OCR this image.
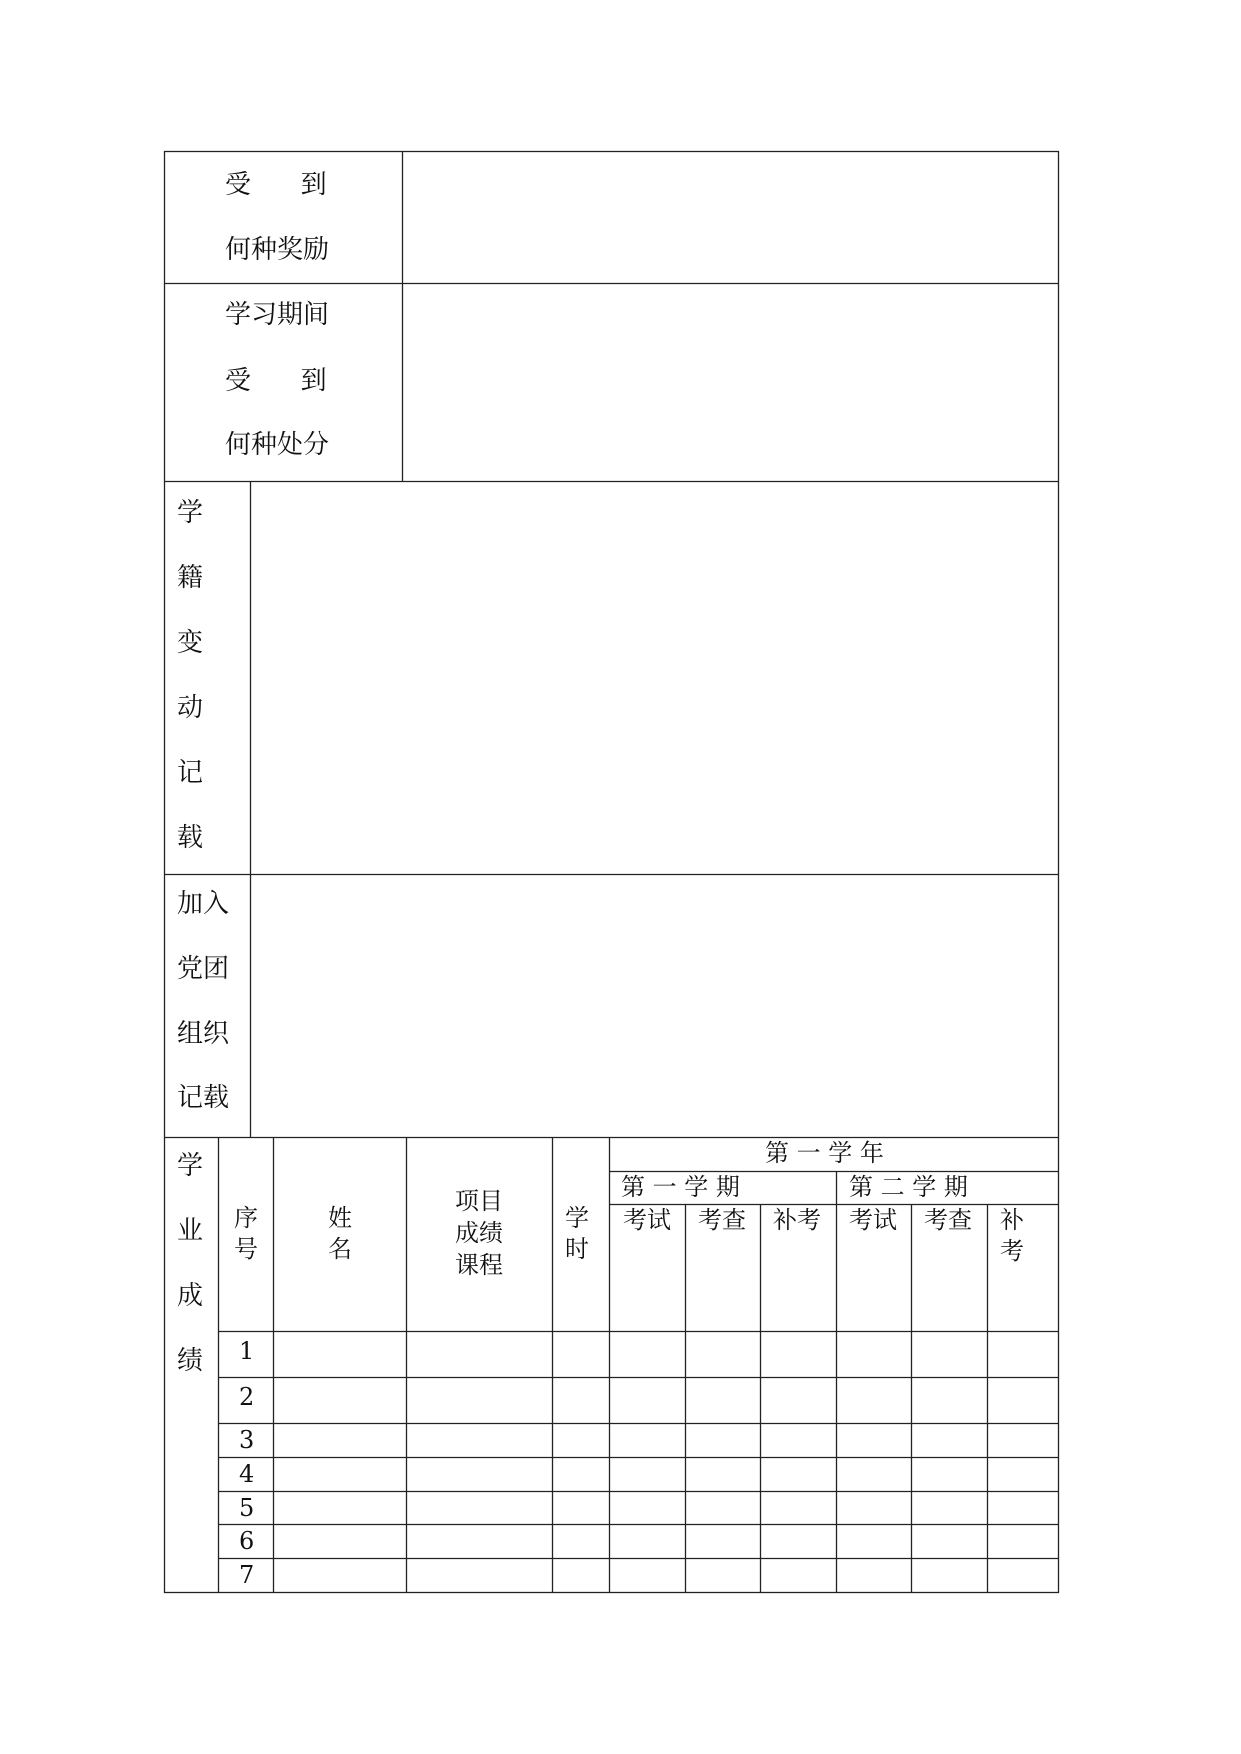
受      到
何种奖励
学习期间
受      到
何种处分
学
籍
变
动
记
载
加入
党团
组织
记载
学
业
成
绩
序
号
姓
名
项目
成绩
课程
学
时
第 一 学 年
第 一 学 期	第 二 学 期
考试 考查 补考 考试 考查 补
考
1
2
3
4
5
6
7
